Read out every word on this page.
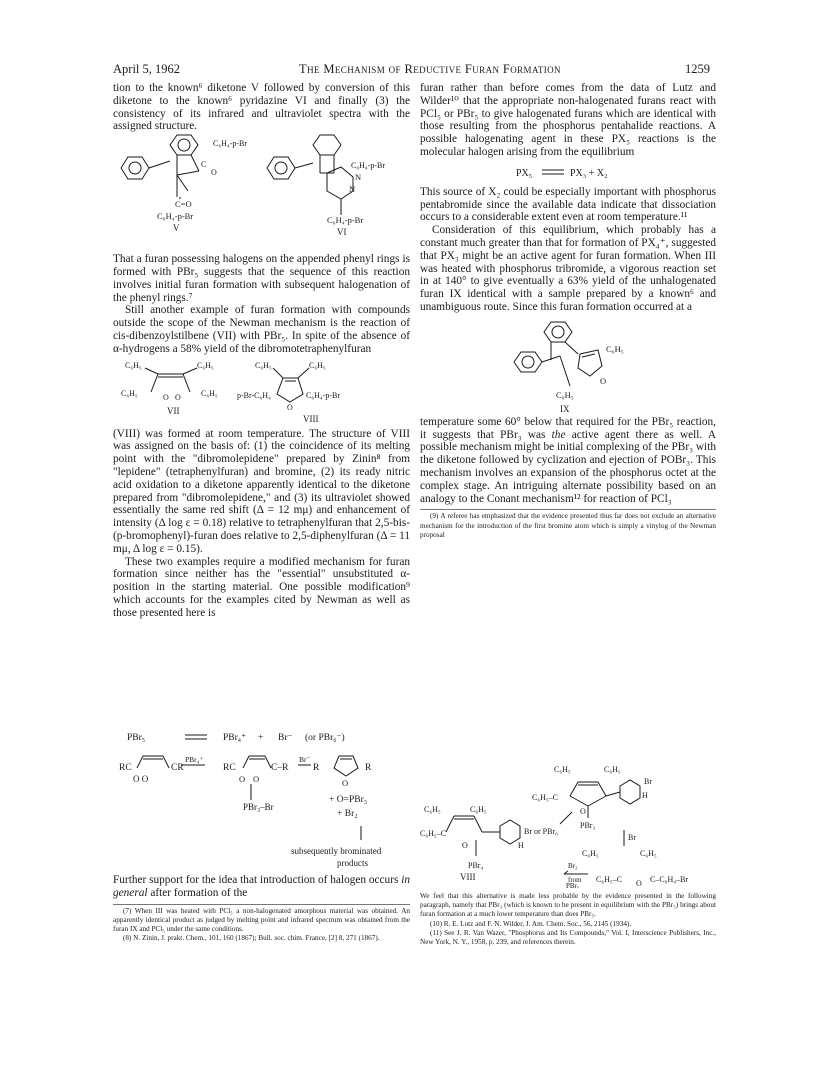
April 5, 1962	The Mechanism of Reductive Furan Formation	1259

tion to the known⁶ diketone V followed by conversion of this diketone to the known⁶ pyridazine VI and finally (3) the consistency of its infrared and ultraviolet spectra with the assigned structure.

C₆H₄-p-Br
C
O
C=O
C₆H₄-p-Br
V
C₆H₄-p-Br
N
N
C₆H₄-p-Br
VI

That a furan possessing halogens on the appended phenyl rings is formed with PBr₅ suggests that the sequence of this reaction involves initial furan formation with subsequent halogenation of the phenyl rings.⁷

Still another example of furan formation with compounds outside the scope of the Newman mechanism is the reaction of cis-dibenzoylstilbene (VII) with PBr₅. In spite of the absence of α-hydrogens a 58% yield of the dibromotetraphenylfuran

C₆H₅	C₆H₅
C₆H₅	C₆H₅
O O
VII
C₆H₅	C₆H₅
p-Br-C₆H₄
O
C₆H₄-p-Br
VIII

(VIII) was formed at room temperature. The structure of VIII was assigned on the basis of: (1) the coincidence of its melting point with the "dibromolepidene" prepared by Zinin⁸ from "lepidene" (tetraphenylfuran) and bromine, (2) its ready nitric acid oxidation to a diketone apparently identical to the diketone prepared from "dibromolepidene," and (3) its ultraviolet showed essentially the same red shift (Δ = 12 mμ) and enhancement of intensity (Δ log ε = 0.18) relative to tetraphenylfuran that 2,5-bis-(p-bromophenyl)-furan does relative to 2,5-diphenylfuran (Δ = 11 mμ, Δ log ε = 0.15).

These two examples require a modified mechanism for furan formation since neither has the "essential" unsubstituted α-position in the starting material. One possible modification⁹ which accounts for the examples cited by Newman as well as those presented here is

PBr₅	PBr₄⁺ + Br⁻ (or PBr₆⁻)
RC	CR
O O
PBr₄⁺
RC	C–R
Br⁻
R	R
O
O O
PBr₃–Br
+ O=PBr₃
+ Br₂
subsequently brominated
products

Further support for the idea that introduction of halogen occurs in general after formation of the

(7) When III was heated with PCl₅ a non-halogenated amorphous material was obtained. An apparently identical product as judged by melting point and infrared spectrum was obtained from the furan IX and PCl₅ under the same conditions.

(8) N. Zinin, J. prakt. Chem., 101, 160 (1867); Bull. soc. chim. France, [2] 8, 271 (1867).

furan rather than before comes from the data of Lutz and Wilder¹⁰ that the appropriate non-halogenated furans react with PCl₅ or PBr₅ to give halogenated furans which are identical with those resulting from the phosphorus pentahalide reactions. A possible halogenating agent in these PX₅ reactions is the molecular halogen arising from the equilibrium

PX₅	PX₃ + X₂

This source of X₂ could be especially important with phosphorus pentabromide since the available data indicate that dissociation occurs to a considerable extent even at room temperature.¹¹

Consideration of this equilibrium, which probably has a constant much greater than that for formation of PX₄⁺, suggested that PX₃ might be an active agent for furan formation. When III was heated with phosphorus tribromide, a vigorous reaction set in at 140° to give eventually a 63% yield of the unhalogenated furan IX identical with a sample prepared by a known⁶ and unambiguous route. Since this furan formation occurred at a

C₆H₅
O
C₆H₅
IX

temperature some 60° below that required for the PBr₅ reaction, it suggests that PBr₃ was the active agent there as well. A possible mechanism might be initial complexing of the PBr₃ with the diketone followed by cyclization and ejection of POBr₃. This mechanism involves an expansion of the phosphorus octet at the complex stage. An intriguing alternate possibility based on an analogy to the Conant mechanism¹² for reaction of PCl₃

(9) A referee has emphasized that the evidence presented thus far does not exclude an alternative mechanism for the introduction of the first bromine atom which is simply a vinylog of the Newman proposal

C₆H₅	C₆H₅
C₆H₅–C
O
PBr₃
Br
H
C₆H₅	C₆H₅
C₆H₅–C
O
Br or PBr₆
H
PBr₄
Br
VIII
Br₂
from
PBr₅
C₆H₅	C₆H₅
C₆H₅–C O C–C₆H₄–Br

We feel that this alternative is made less probable by the evidence presented in the following paragraph, namely that PBr₃ (which is known to be present in equilibrium with the PBr₅) brings about furan formation at a much lower temperature than does PBr₅.

(10) R. E. Lutz and F. N. Wilder, J. Am. Chem. Soc., 56, 2145 (1934).

(11) See J. R. Van Wazer, "Phosphorus and Its Compounds," Vol. I, Interscience Publishers, Inc., New York, N. Y., 1958, p. 239, and references therein.
